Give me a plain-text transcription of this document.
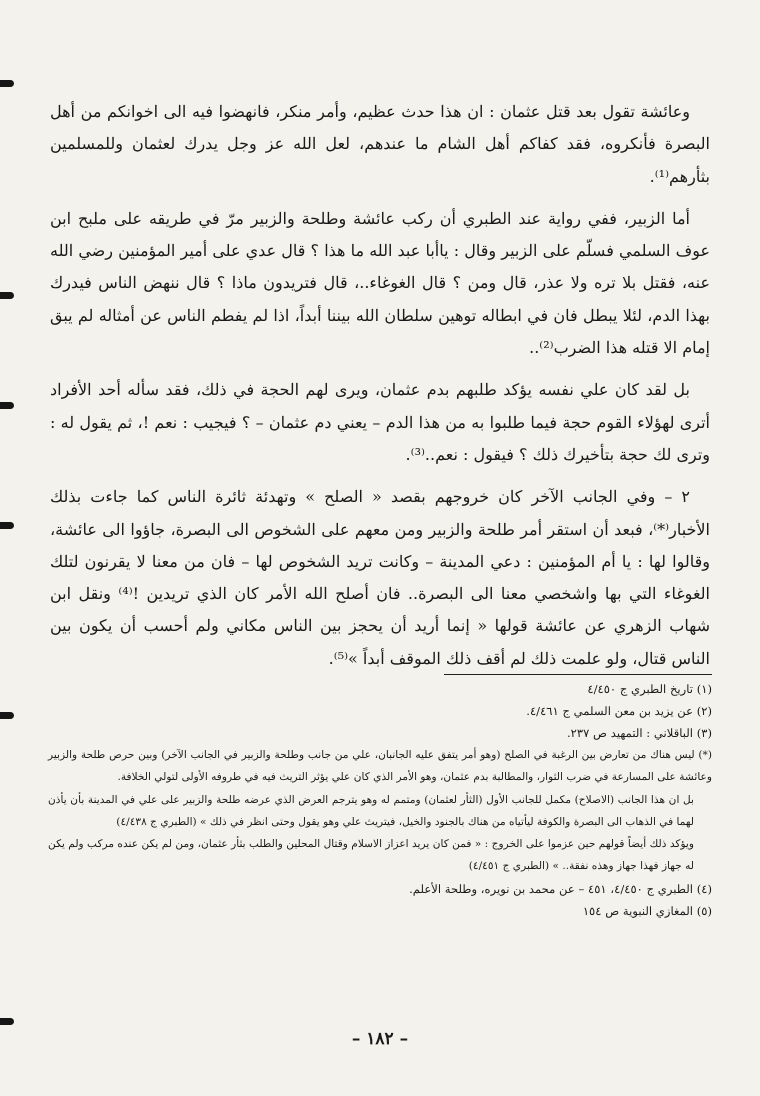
وعائشة تقول بعد قتل عثمان : ان هذا حدث عظيم، وأمر منكر، فانهضوا فيه الى اخوانكم من أهل البصرة فأنكروه، فقد كفاكم أهل الشام ما عندهم، لعل الله عز وجل يدرك لعثمان وللمسلمين بثأرهم⁽¹⁾.

أما الزبير، ففي رواية عند الطبري أن ركب عائشة وطلحة والزبير مرّ في طريقه على ملبح ابن عوف السلمي فسلّم على الزبير وقال : ياأبا عبد الله ما هذا ؟ قال عدي على أمير المؤمنين رضي الله عنه، فقتل بلا تره ولا عذر، قال ومن ؟ قال الغوغاء..، قال فتريدون ماذا ؟ قال ننهض الناس فيدرك بهذا الدم، لئلا يبطل فان في ابطاله توهين سلطان الله بيننا أبداً، اذا لم يفطم الناس عن أمثاله لم يبق إمام الا قتله هذا الضرب⁽²⁾..

بل لقد كان علي نفسه يؤكد طلبهم بدم عثمان، ويرى لهم الحجة في ذلك، فقد سأله أحد الأفراد أترى لهؤلاء القوم حجة فيما طلبوا به من هذا الدم – يعني دم عثمان – ؟ فيجيب : نعم !، ثم يقول له : وترى لك حجة بتأخيرك ذلك ؟ فيقول : نعم..⁽³⁾.

٢ – وفي الجانب الآخر كان خروجهم بقصد « الصلح » وتهدئة ثائرة الناس كما جاءت بذلك الأخبار⁽*⁾، فبعد أن استقر أمر طلحة والزبير ومن معهم على الشخوص الى البصرة، جاؤوا الى عائشة، وقالوا لها : يا أم المؤمنين : دعي المدينة – وكانت تريد الشخوص لها – فان من معنا لا يقرنون لتلك الغوغاء التي بها واشخصي معنا الى البصرة.. فان أصلح الله الأمر كان الذي تريدين !⁽⁴⁾ ونقل ابن شهاب الزهري عن عائشة قولها « إنما أريد أن يحجز بين الناس مكاني ولم أحسب أن يكون بين الناس قتال، ولو علمت ذلك لم أقف ذلك الموقف أبداً »⁽⁵⁾.

(١) تاريخ الطبري ج ٤/٤٥٠

(٢) عن يزيد بن معن السلمي ج ٤/٤٦١.

(٣) الباقلاني : التمهيد ص ٢٣٧.

(*) ليس هناك من تعارض بين الرغبة في الصلح (وهو أمر يتفق عليه الجانبان، علي من جانب وطلحة والزبير في الجانب الآخر) وبين حرص طلحة والزبير وعائشة على المسارعة في ضرب الثوار، والمطالبة بدم عثمان، وهو الأمر الذي كان علي يؤثر التريث فيه في طروفه الأولى لتولي الخلافة.

بل ان هذا الجانب (الاصلاح) مكمل للجانب الأول (الثأر لعثمان) ومتمم له وهو يترجم العرض الذي عرضه طلحة والزبير على علي في المدينة بأن يأذن لهما في الذهاب الى البصرة والكوفة ليأتياه من هناك بالجنود والخيل، فيتريث علي وهو يقول وحتى انظر في ذلك » (الطبري ج ٤/٤٣٨)

ويؤكد ذلك أيضاً قولهم حين عزموا على الخروج : « فمن كان يريد اعزاز الاسلام وقتال المحلين والطلب بثأر عثمان، ومن لم يكن عنده مركب ولم يكن له جهاز فهذا جهاز وهذه نفقة.. » (الطبري ج ٤/٤٥١)

(٤) الطبري ج ٤/٤٥٠، ٤٥١ – عن محمد بن نويره، وطلحة الأعلم.

(٥) المغازي النبوية ص ١٥٤

– ١٨٢ –
